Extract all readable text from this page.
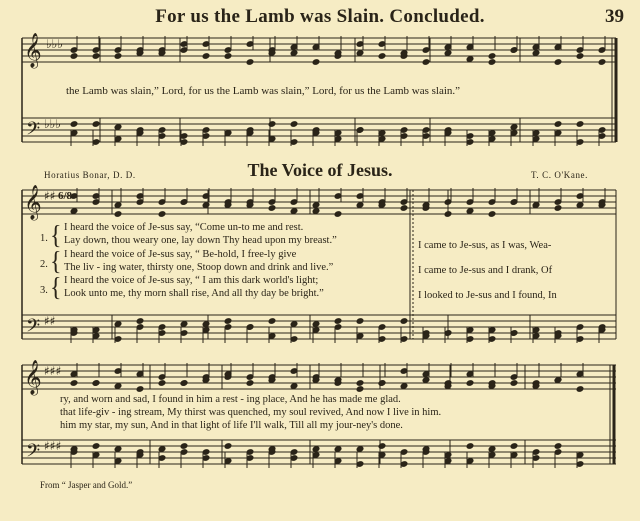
𝄞
𝄢
♭♭♭
♭♭♭
𝄞
𝄢
♯♯
♯♯
𝄞
𝄢
♯♯♯
♯♯♯
For us the Lamb was Slain. Concluded.	39
the Lamb was slain,” Lord, for us the Lamb was slain,” Lord, for us the Lamb was slain.”
The Voice of Jesus.
Horatius Bonar, D. D.	T. C. O'Kane.
6/8
1.
2.
3.
{
{
{
I heard the voice of Je-sus say, “Come un-to me and rest.
Lay down, thou weary one, lay down Thy head upon my breast.”
I heard the voice of Je-sus say, “ Be-hold, I free-ly give
The liv - ing water, thirsty one, Stoop down and drink and live.”
I heard the voice of Je-sus say, “ I am this dark world's light;
Look unto me, thy morn shall rise, And all thy day be bright.”
I came to Je-sus, as I was, Wea-
I came to Je-sus and I drank, Of
I looked to Je-sus and I found, In
ry, and worn and sad, I found in him a rest - ing place, And he has made me glad.
that life-giv - ing stream, My thirst was quenched, my soul revived, And now I live in him.
him my star, my sun, And in that light of life I'll walk, Till all my jour-ney's done.
From “ Jasper and Gold.”
